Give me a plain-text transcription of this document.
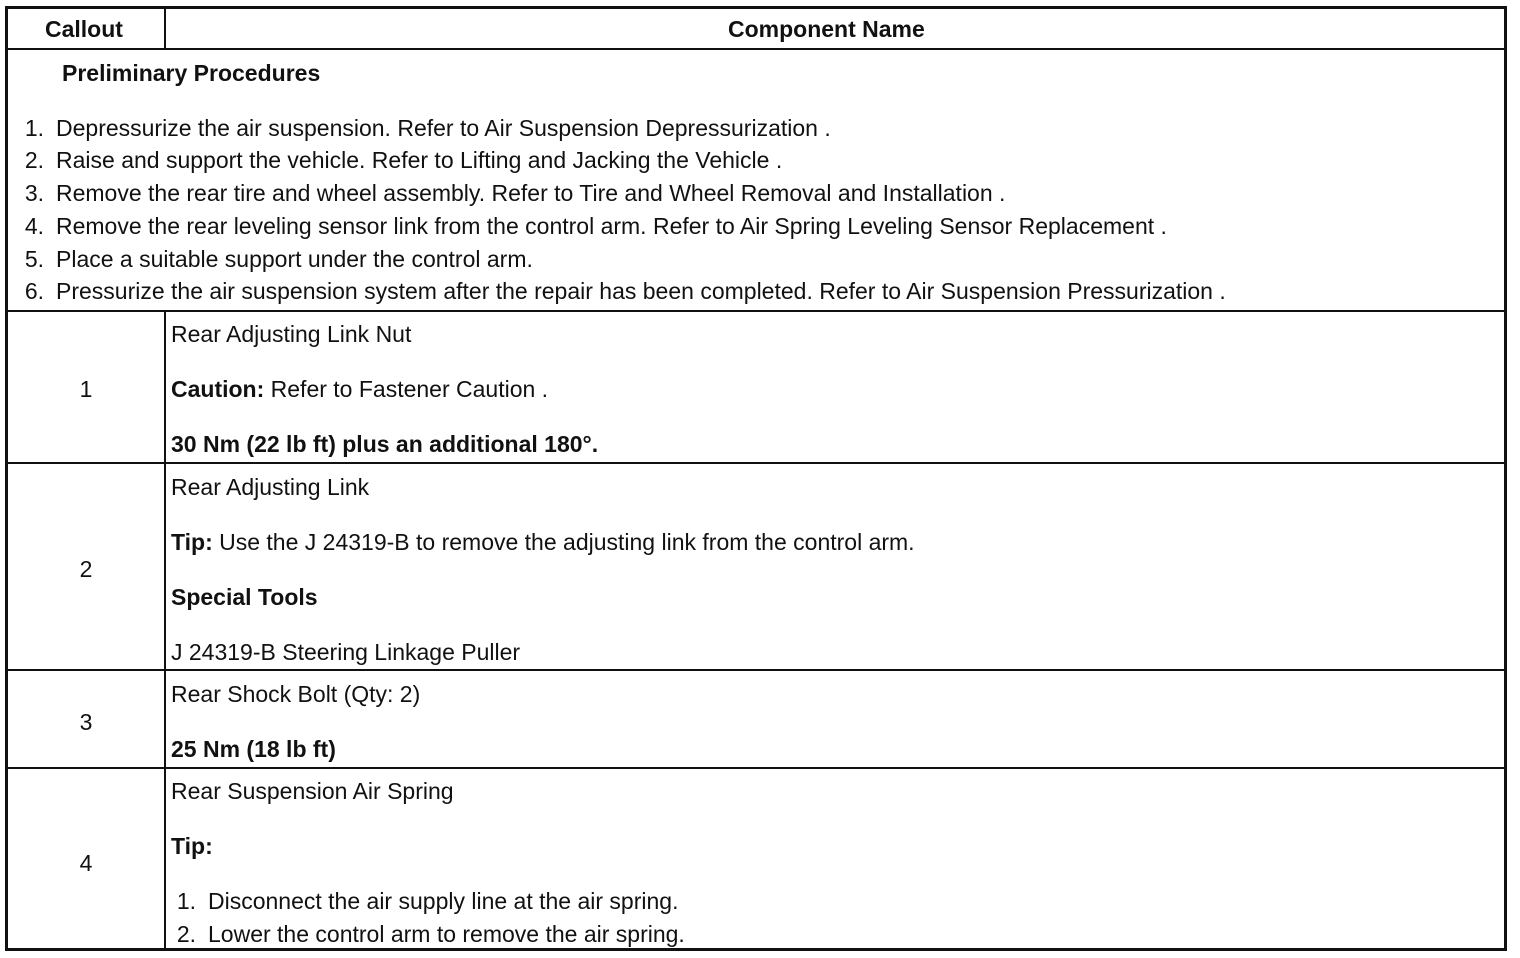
Callout	Component Name
Preliminary Procedures
1. Depressurize the air suspension. Refer to Air Suspension Depressurization .
2. Raise and support the vehicle. Refer to Lifting and Jacking the Vehicle .
3. Remove the rear tire and wheel assembly. Refer to Tire and Wheel Removal and Installation .
4. Remove the rear leveling sensor link from the control arm. Refer to Air Spring Leveling Sensor Replacement .
5. Place a suitable support under the control arm.
6. Pressurize the air suspension system after the repair has been completed. Refer to Air Suspension Pressurization .
1
Rear Adjusting Link Nut
Caution: Refer to Fastener Caution .
30 Nm (22 lb ft) plus an additional 180°.
2
Rear Adjusting Link
Tip: Use the J 24319-B to remove the adjusting link from the control arm.
Special Tools
J 24319-B Steering Linkage Puller
3
Rear Shock Bolt (Qty: 2)
25 Nm (18 lb ft)
4
Rear Suspension Air Spring
Tip:
1. Disconnect the air supply line at the air spring.
2. Lower the control arm to remove the air spring.
